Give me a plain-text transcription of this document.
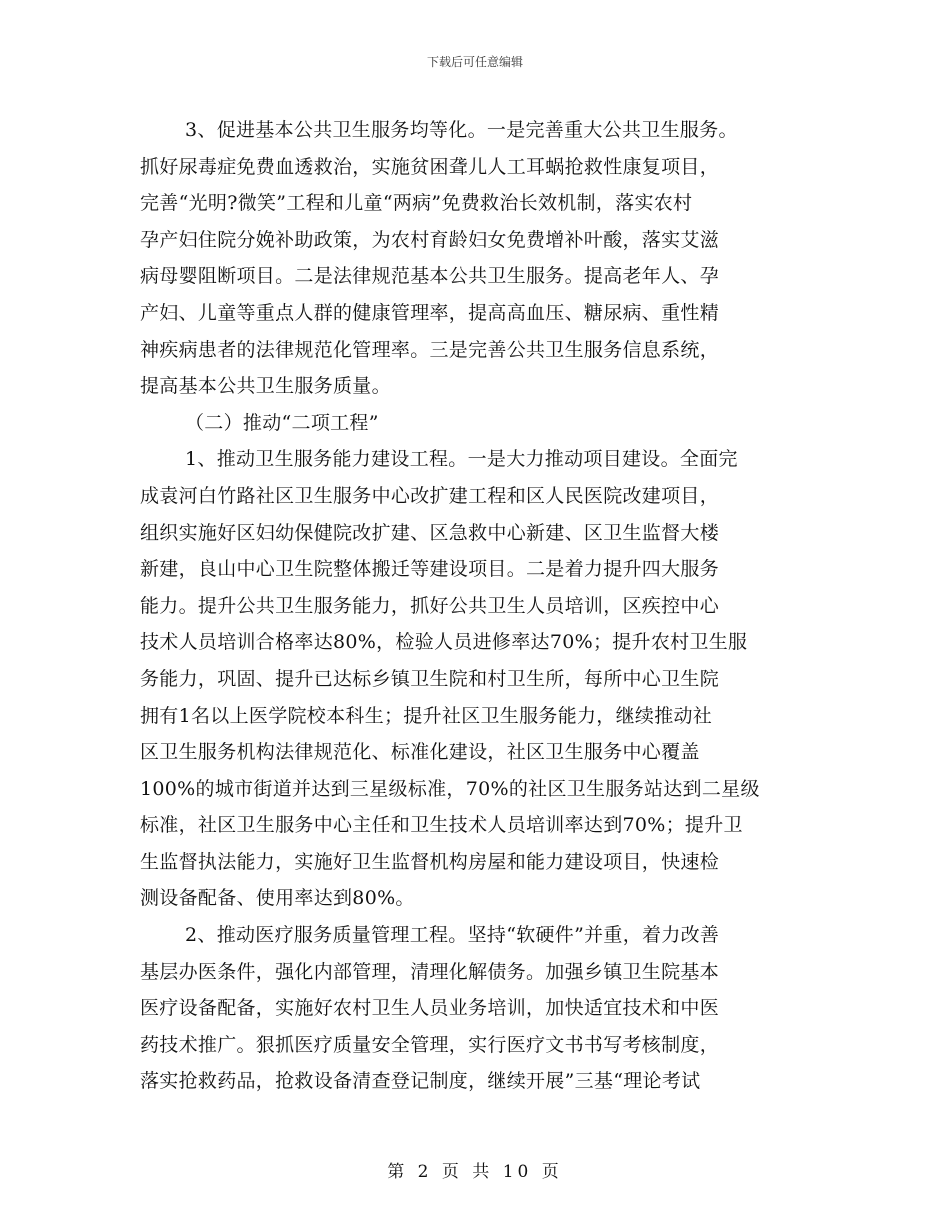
下载后可任意编辑
3、促进基本公共卫生服务均等化。一是完善重大公共卫生服务。
抓好尿毒症免费血透救治，实施贫困聋儿人工耳蜗抢救性康复项目，
完善“光明?微笑”工程和儿童“两病”免费救治长效机制，落实农村
孕产妇住院分娩补助政策，为农村育龄妇女免费增补叶酸，落实艾滋
病母婴阻断项目。二是法律规范基本公共卫生服务。提高老年人、孕
产妇、儿童等重点人群的健康管理率，提高高血压、糖尿病、重性精
神疾病患者的法律规范化管理率。三是完善公共卫生服务信息系统，
提高基本公共卫生服务质量。
（二）推动“二项工程”
1、推动卫生服务能力建设工程。一是大力推动项目建设。全面完
成袁河白竹路社区卫生服务中心改扩建工程和区人民医院改建项目，
组织实施好区妇幼保健院改扩建、区急救中心新建、区卫生监督大楼
新建，良山中心卫生院整体搬迁等建设项目。二是着力提升四大服务
能力。提升公共卫生服务能力，抓好公共卫生人员培训，区疾控中心
技术人员培训合格率达80%，检验人员进修率达70%；提升农村卫生服
务能力，巩固、提升已达标乡镇卫生院和村卫生所，每所中心卫生院
拥有1名以上医学院校本科生；提升社区卫生服务能力，继续推动社
区卫生服务机构法律规范化、标准化建设，社区卫生服务中心覆盖
100%的城市街道并达到三星级标准，70%的社区卫生服务站达到二星级
标准，社区卫生服务中心主任和卫生技术人员培训率达到70%；提升卫
生监督执法能力，实施好卫生监督机构房屋和能力建设项目，快速检
测设备配备、使用率达到80%。
2、推动医疗服务质量管理工程。坚持“软硬件”并重，着力改善
基层办医条件，强化内部管理，清理化解债务。加强乡镇卫生院基本
医疗设备配备，实施好农村卫生人员业务培训，加快适宜技术和中医
药技术推广。狠抓医疗质量安全管理，实行医疗文书书写考核制度，
落实抢救药品，抢救设备清查登记制度，继续开展”三基“理论考试
第 2 页 共 10 页
